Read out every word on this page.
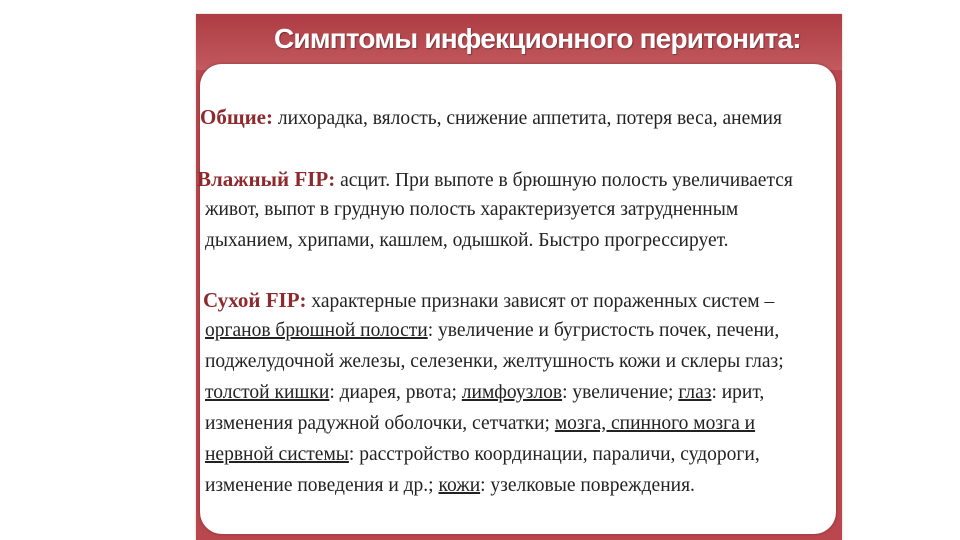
Симптомы инфекционного перитонита:
Общие: лихорадка, вялость, снижение аппетита, потеря веса, анемия
Влажный FIP: асцит. При выпоте в брюшную полость увеличивается
живот, выпот в грудную полость характеризуется затрудненным
дыханием, хрипами, кашлем, одышкой. Быстро прогрессирует.
Сухой FIP: характерные признаки зависят от пораженных систем –
органов брюшной полости: увеличение и бугристость почек, печени,
поджелудочной железы, селезенки, желтушность кожи и склеры глаз;
толстой кишки: диарея, рвота; лимфоузлов: увеличение; глаз: ирит,
изменения радужной оболочки, сетчатки; мозга, спинного мозга и
нервной системы: расстройство координации, параличи, судороги,
изменение поведения и др.; кожи: узелковые повреждения.
